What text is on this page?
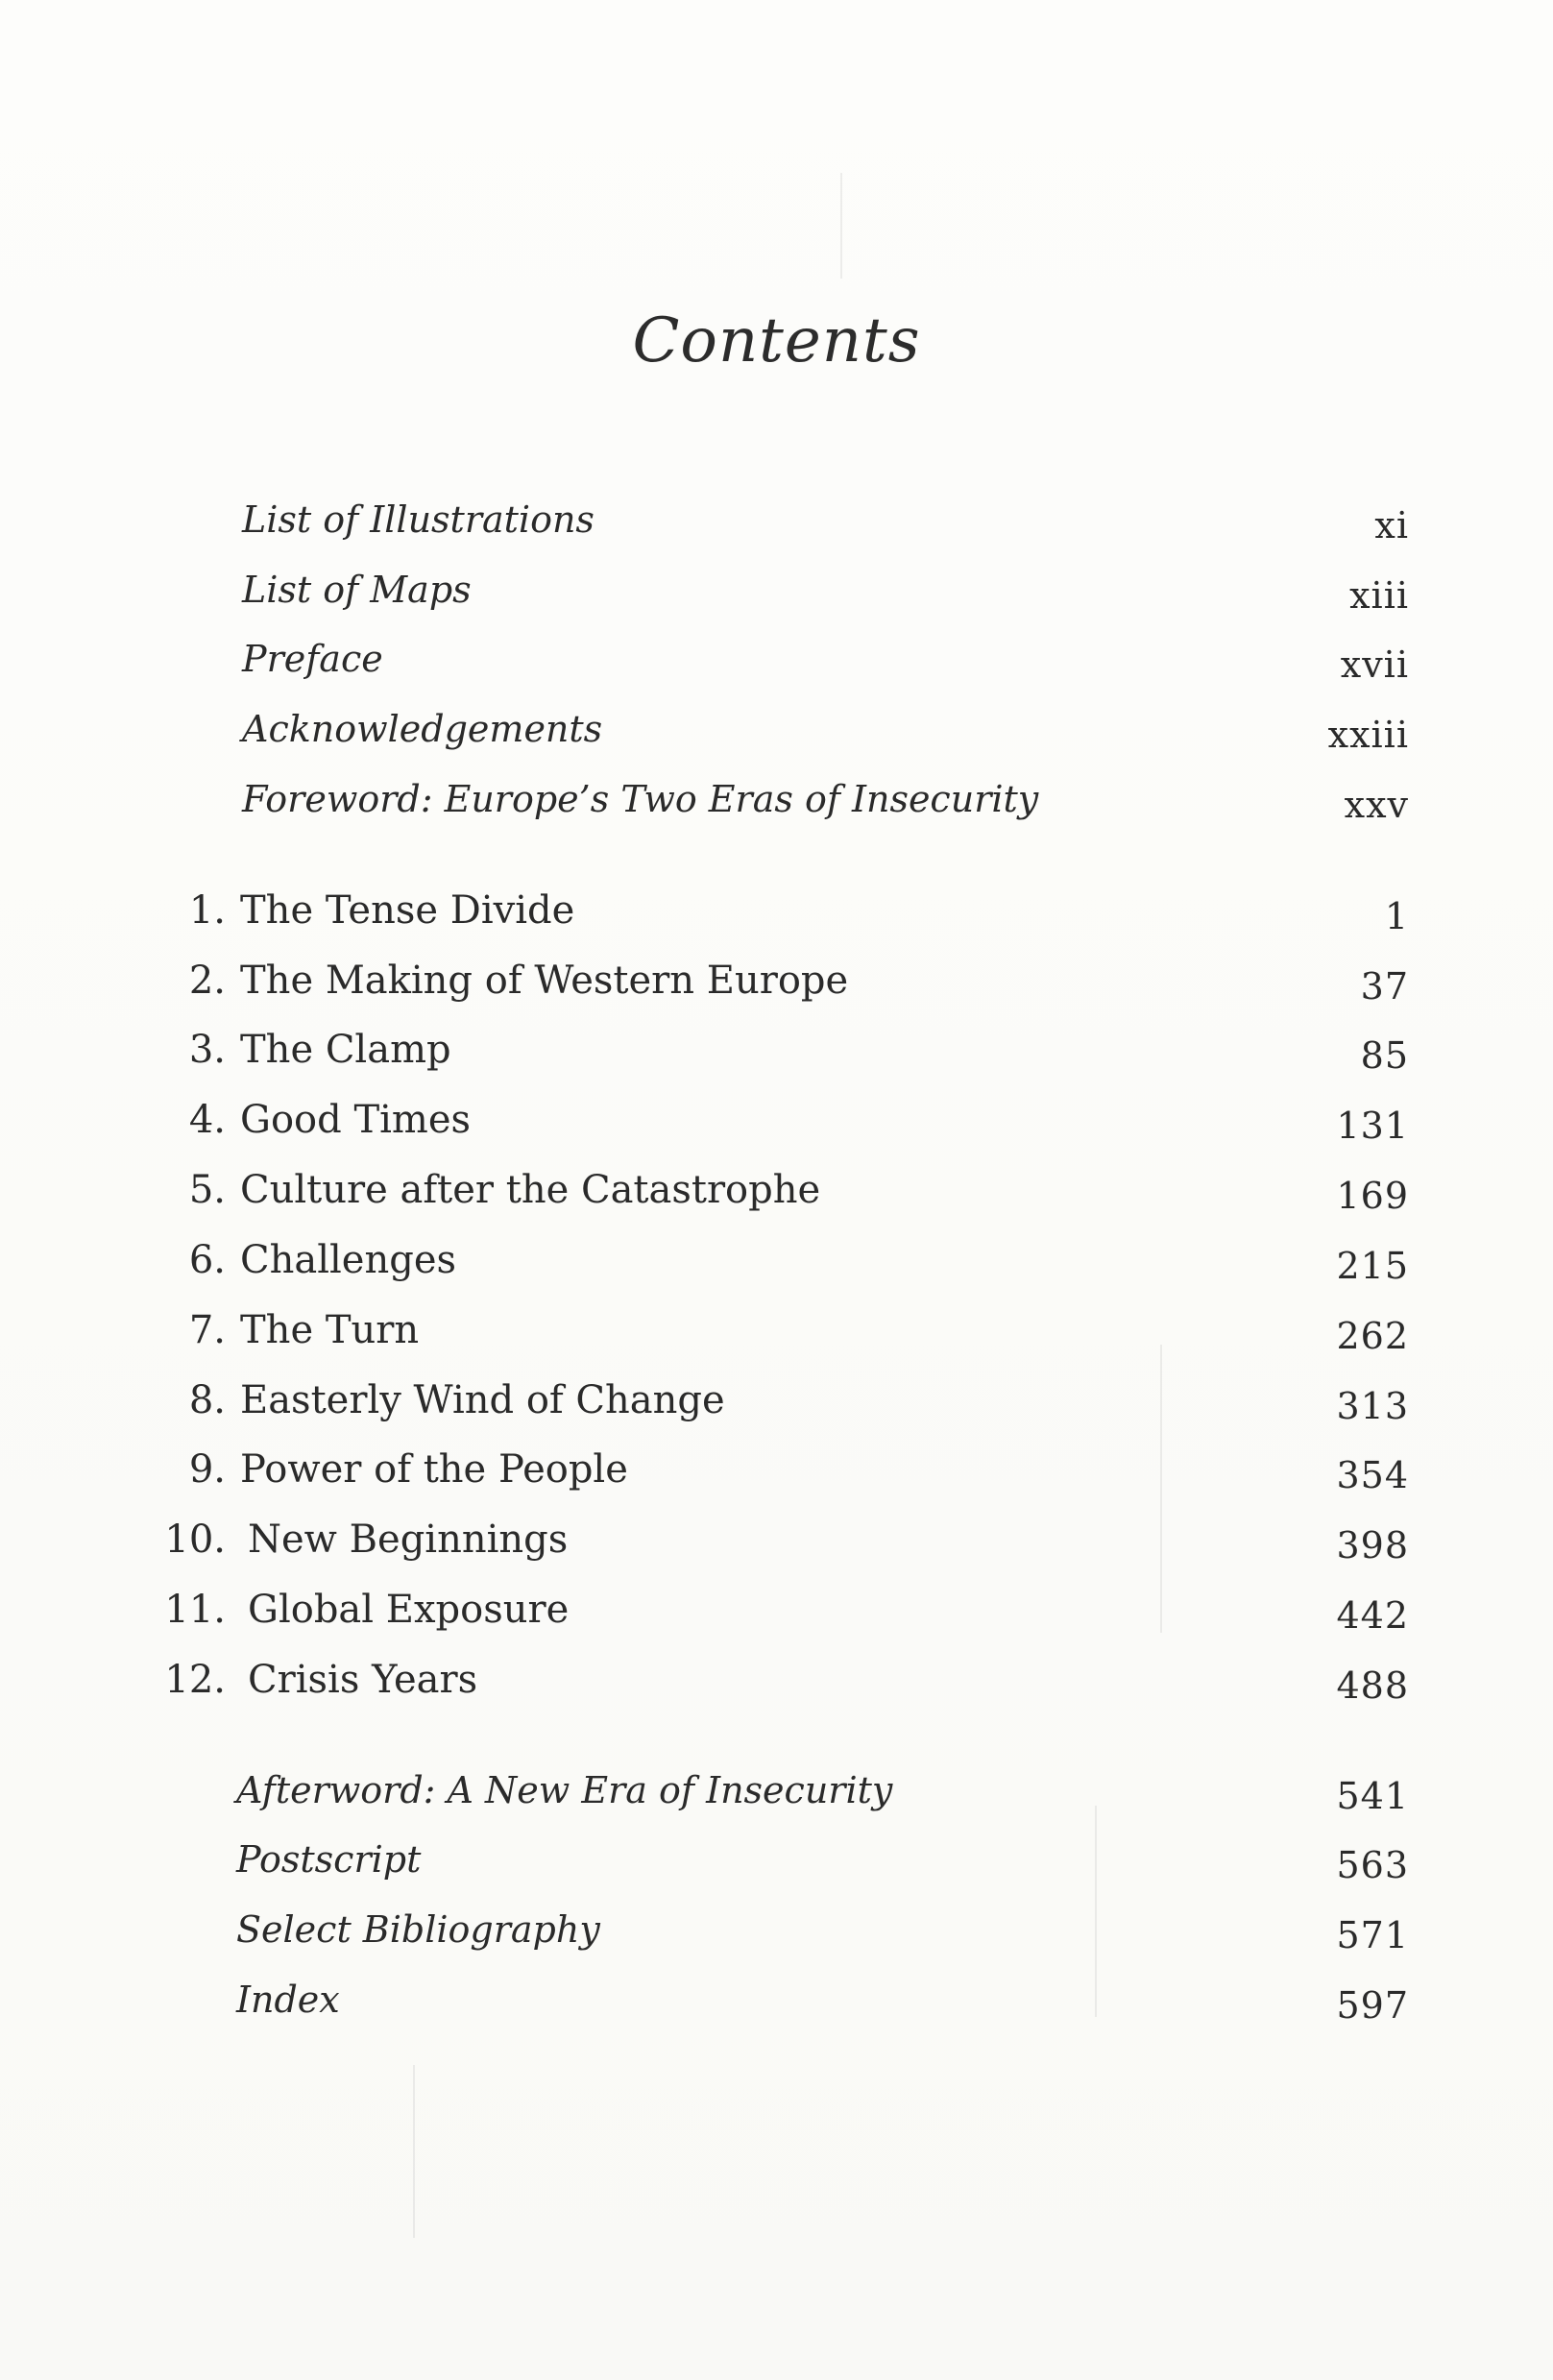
Contents
List of Illustrations	xi
List of Maps	xiii
Preface	xvii
Acknowledgements	xxiii
Foreword: Europe’s Two Eras of Insecurity	xxv
1. The Tense Divide	1
2. The Making of Western Europe	37
3. The Clamp	85
4. Good Times	131
5. Culture after the Catastrophe	169
6. Challenges	215
7. The Turn	262
8. Easterly Wind of Change	313
9. Power of the People	354
10. New Beginnings	398
11. Global Exposure	442
12. Crisis Years	488
Afterword: A New Era of Insecurity	541
Postscript	563
Select Bibliography	571
Index	597
